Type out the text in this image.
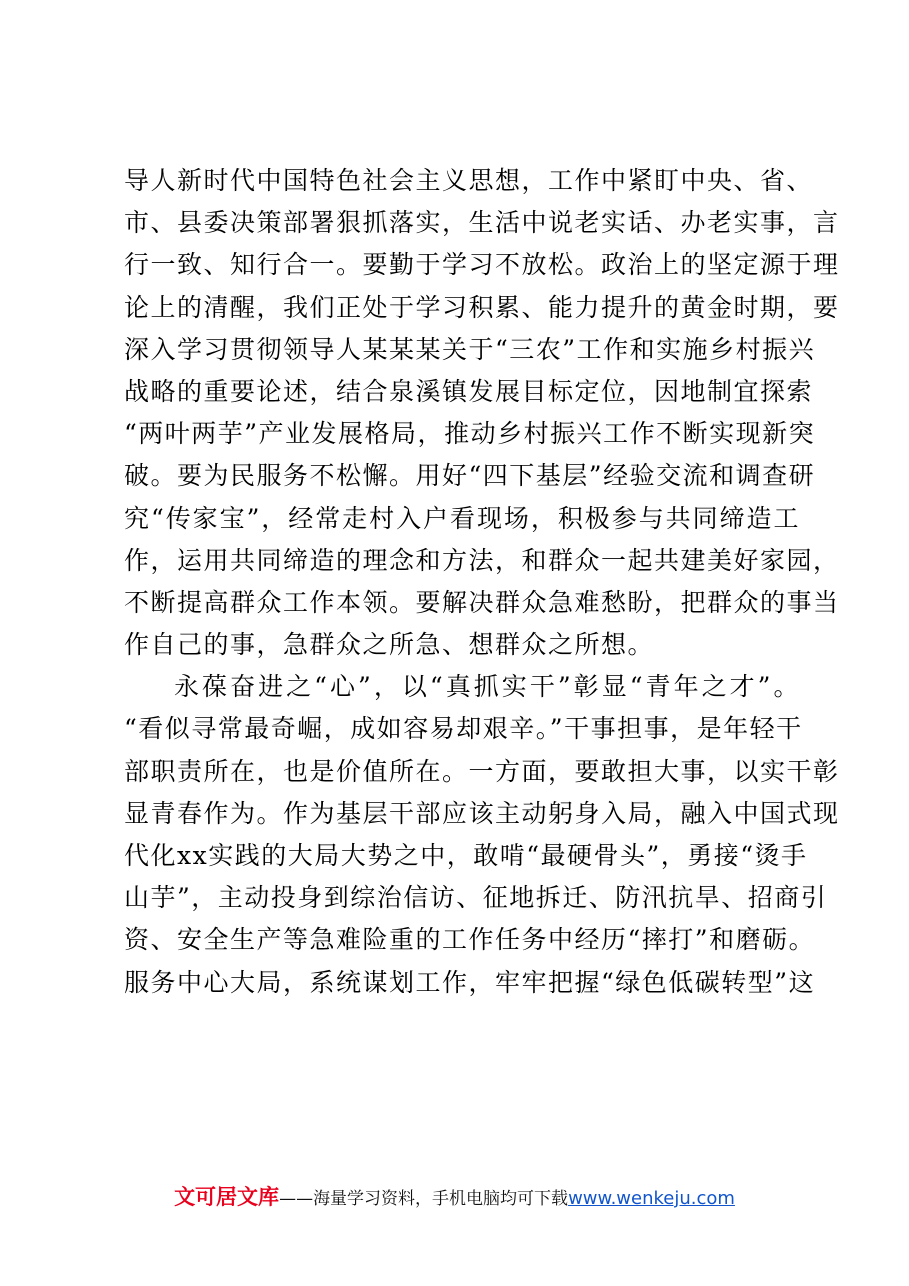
导人新时代中国特色社会主义思想，工作中紧盯中央、省、
市、县委决策部署狠抓落实，生活中说老实话、办老实事，言
行一致、知行合一。要勤于学习不放松。政治上的坚定源于理
论上的清醒，我们正处于学习积累、能力提升的黄金时期，要
深入学习贯彻领导人某某某关于“三农”工作和实施乡村振兴
战略的重要论述，结合泉溪镇发展目标定位，因地制宜探索
“两叶两芋”产业发展格局，推动乡村振兴工作不断实现新突
破。要为民服务不松懈。用好“四下基层”经验交流和调查研
究“传家宝”，经常走村入户看现场，积极参与共同缔造工
作，运用共同缔造的理念和方法，和群众一起共建美好家园，
不断提高群众工作本领。要解决群众急难愁盼，把群众的事当
作自己的事，急群众之所急、想群众之所想。
永葆奋进之“心”，以“真抓实干”彰显“青年之才”。
“看似寻常最奇崛，成如容易却艰辛。”干事担事，是年轻干
部职责所在，也是价值所在。一方面，要敢担大事，以实干彰
显青春作为。作为基层干部应该主动躬身入局，融入中国式现
代化xx实践的大局大势之中，敢啃“最硬骨头”，勇接“烫手
山芋”，主动投身到综治信访、征地拆迁、防汛抗旱、招商引
资、安全生产等急难险重的工作任务中经历“摔打”和磨砺。
服务中心大局，系统谋划工作，牢牢把握“绿色低碳转型”这
文可居文库——海量学习资料，手机电脑均可下载www.wenkeju.com
